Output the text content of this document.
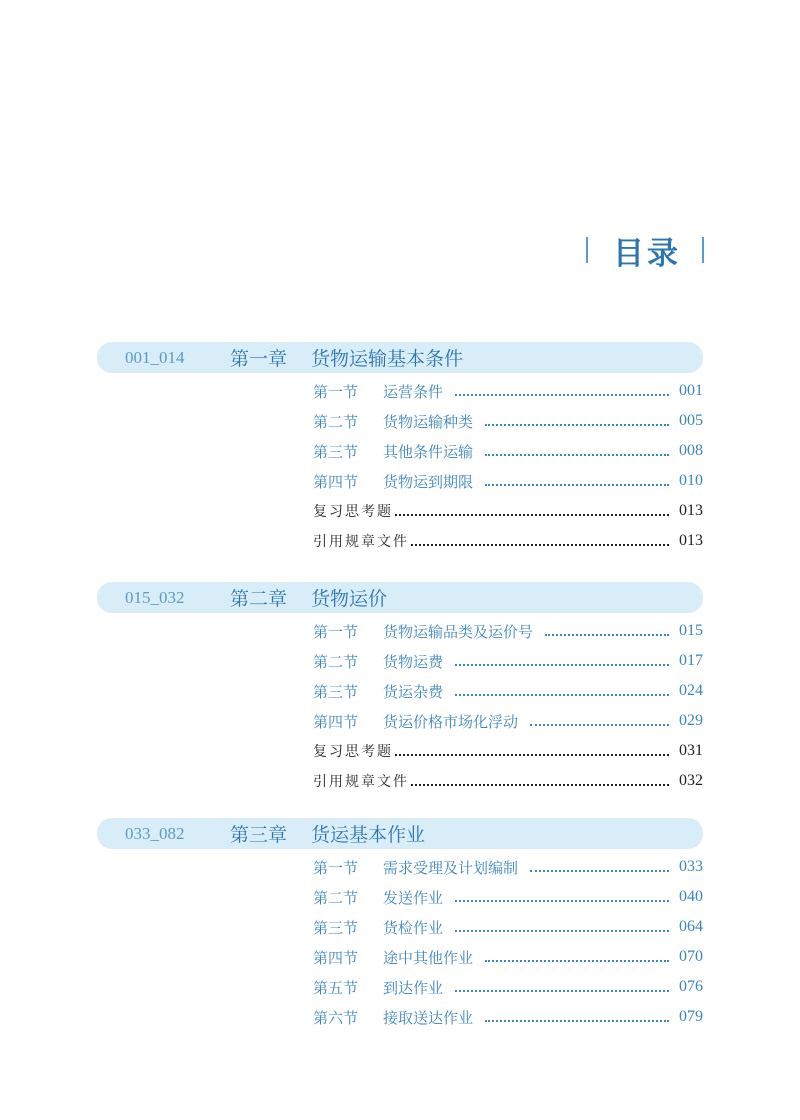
目录
001_014 第一章 货物运输基本条件
第一节	运营条件	001
第二节	货物运输种类	005
第三节	其他条件运输	008
第四节	货物运到期限	010
复习思考题	013
引用规章文件	013
015_032 第二章 货物运价
第一节	货物运输品类及运价号	015
第二节	货物运费	017
第三节	货运杂费	024
第四节	货运价格市场化浮动	029
复习思考题	031
引用规章文件	032
033_082 第三章 货运基本作业
第一节	需求受理及计划编制	033
第二节	发送作业	040
第三节	货检作业	064
第四节	途中其他作业	070
第五节	到达作业	076
第六节	接取送达作业	079
